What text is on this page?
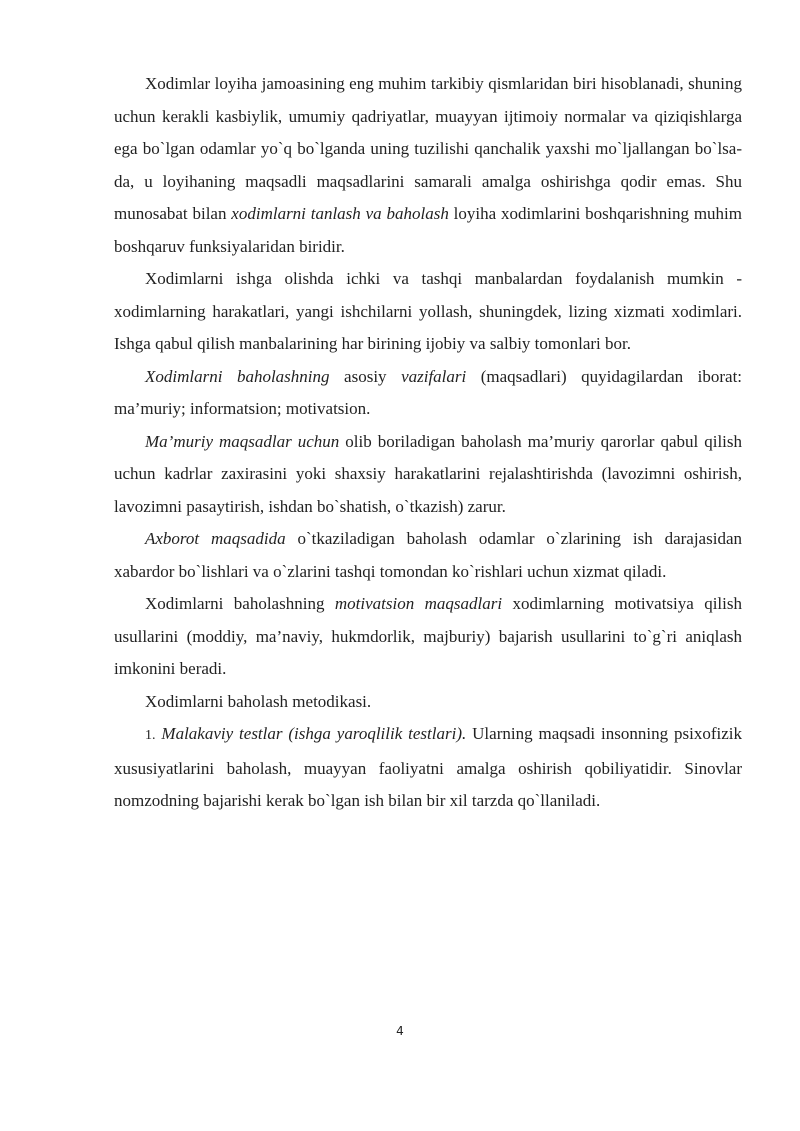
Xodimlar loyiha jamoasining eng muhim tarkibiy qismlaridan biri hisoblanadi, shuning uchun kerakli kasbiylik, umumiy qadriyatlar, muayyan ijtimoiy normalar va qiziqishlarga ega bo`lgan odamlar yo`q bo`lganda uning tuzilishi qanchalik yaxshi mo`ljallangan bo`lsa-da, u loyihaning maqsadli maqsadlarini samarali amalga oshirishga qodir emas. Shu munosabat bilan xodimlarni tanlash va baholash loyiha xodimlarini boshqarishning muhim boshqaruv funksiyalaridan biridir.

Xodimlarni ishga olishda ichki va tashqi manbalardan foydalanish mumkin - xodimlarning harakatlari, yangi ishchilarni yollash, shuningdek, lizing xizmati xodimlari. Ishga qabul qilish manbalarining har birining ijobiy va salbiy tomonlari bor.

Xodimlarni baholashning asosiy vazifalari (maqsadlari) quyidagilardan iborat: ma’muriy; informatsion; motivatsion.

Ma’muriy maqsadlar uchun olib boriladigan baholash ma’muriy qarorlar qabul qilish uchun kadrlar zaxirasini yoki shaxsiy harakatlarini rejalashtirishda (lavozimni oshirish, lavozimni pasaytirish, ishdan bo`shatish, o`tkazish) zarur.

Axborot maqsadida o`tkaziladigan baholash odamlar o`zlarining ish darajasidan xabardor bo`lishlari va o`zlarini tashqi tomondan ko`rishlari uchun xizmat qiladi.

Xodimlarni baholashning motivatsion maqsadlari xodimlarning motivatsiya qilish usullarini (moddiy, ma’naviy, hukmdorlik, majburiy) bajarish usullarini to`g`ri aniqlash imkonini beradi.

Xodimlarni baholash metodikasi.

1. Malakaviy testlar (ishga yaroqlilik testlari). Ularning maqsadi insonning psixofizik xususiyatlarini baholash, muayyan faoliyatni amalga oshirish qobiliyatidir. Sinovlar nomzodning bajarishi kerak bo`lgan ish bilan bir xil tarzda qo`llaniladi.

4
